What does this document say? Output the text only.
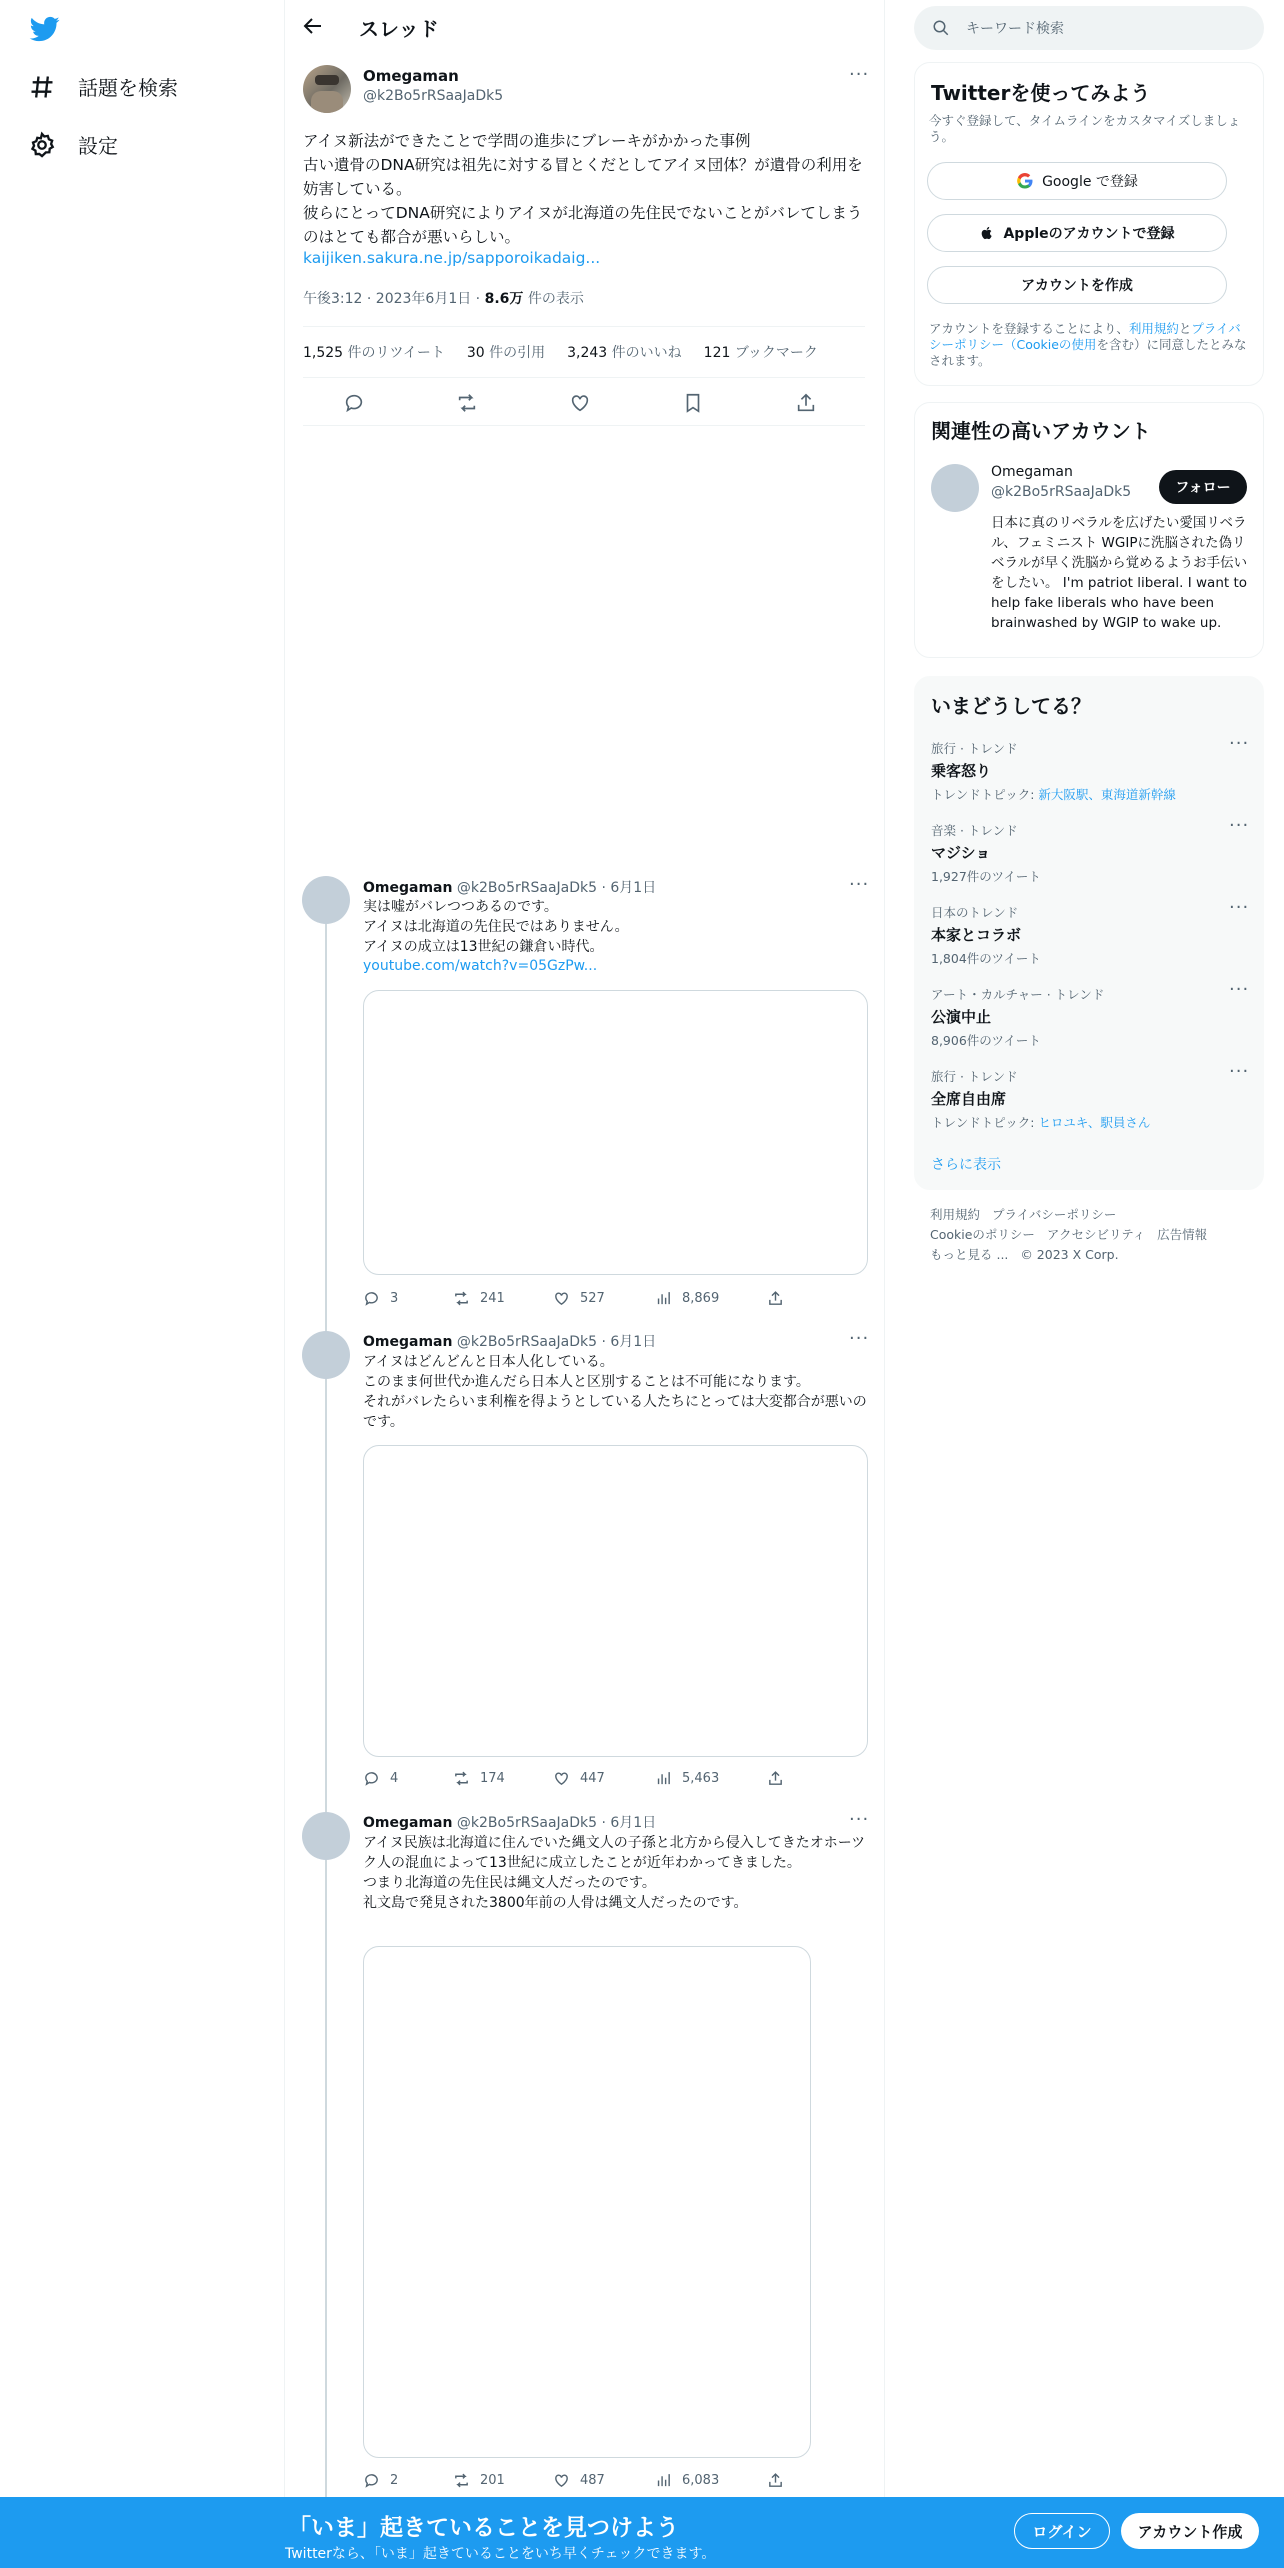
話題を検索
設定
スレッド
Omegaman
@k2Bo5rRSaaJaDk5
···
アイヌ新法ができたことで学問の進歩にブレーキがかかった事例
古い遺骨のDNA研究は祖先に対する冒とくだとしてアイヌ団体？が遺骨の利用を妨害している。
彼らにとってDNA研究によりアイヌが北海道の先住民でないことがバレてしまうのはとても都合が悪いらしい。
kaijiken.sakura.ne.jp/sapporoikadaig...
午後3:12 · 2023年6月1日 · 8.6万 件の表示
1,525 件のリツイート 30 件の引用 3,243 件のいいね 121 ブックマーク
Omegaman @k2Bo5rRSaaJaDk5 · 6月1日	···
実は嘘がバレつつあるのです。
アイヌは北海道の先住民ではありません。
アイヌの成立は13世紀の鎌倉い時代。
youtube.com/watch?v=05GzPw...
3	241	527	8,869
Omegaman @k2Bo5rRSaaJaDk5 · 6月1日	···
アイヌはどんどんと日本人化している。
このまま何世代か進んだら日本人と区別することは不可能になります。
それがバレたらいま利権を得ようとしている人たちにとっては大変都合が悪いのです。
4	174	447	5,463
Omegaman @k2Bo5rRSaaJaDk5 · 6月1日	···
アイヌ民族は北海道に住んでいた縄文人の子孫と北方から侵入してきたオホーツク人の混血によって13世紀に成立したことが近年わかってきました。
つまり北海道の先住民は縄文人だったのです。
礼文島で発見された3800年前の人骨は縄文人だったのです。
2	201	487	6,083
キーワード検索
Twitterを使ってみよう
今すぐ登録して、タイムラインをカスタマイズしましょう。
Google で登録
Appleのアカウントで登録
アカウントを作成
アカウントを登録することにより、利用規約とプライバシーポリシー（Cookieの使用を含む）に同意したとみなされます。
関連性の高いアカウント
Omegaman
@k2Bo5rRSaaJaDk5	フォロー
日本に真のリベラルを広げたい愛国リベラル、フェミニスト WGIPに洗脳された偽リベラルが早く洗脳から覚めるようお手伝いをしたい。 I'm patriot liberal. I want to help fake liberals who have been brainwashed by WGIP to wake up.
いまどうしてる？
旅行 · トレンド
乗客怒り
トレンドトピック: 新大阪駅、東海道新幹線
···
音楽 · トレンド
マジショ
1,927件のツイート
···
日本のトレンド
本家とコラボ
1,804件のツイート
···
アート・カルチャー · トレンド
公演中止
8,906件のツイート
···
旅行 · トレンド
全席自由席
トレンドトピック: ヒロユキ、駅員さん
···
さらに表示
利用規約 プライバシーポリシー
Cookieのポリシー アクセシビリティ 広告情報
もっと見る ... © 2023 X Corp.
「いま」起きていることを見つけよう
Twitterなら、「いま」起きていることをいち早くチェックできます。
ログイン	アカウント作成
